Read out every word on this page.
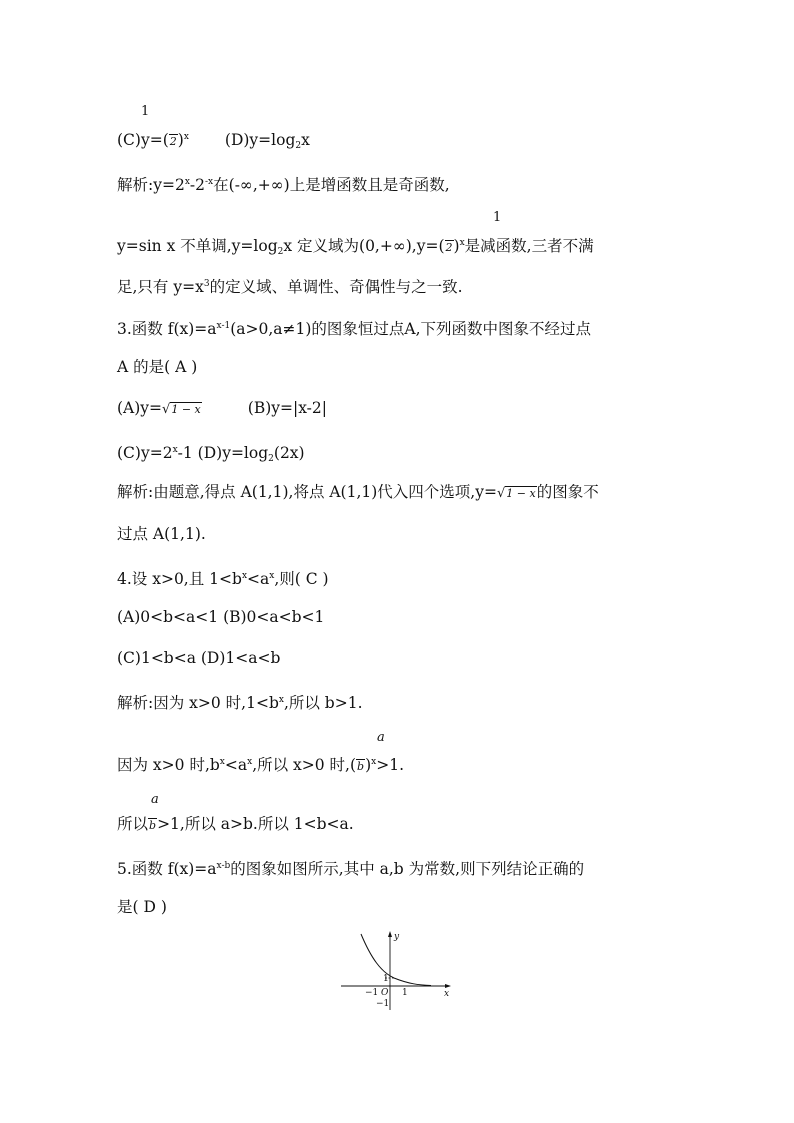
1
$(C)y=(2)^x$ $(D)y=\log_2x$
解析$:y=2^x-2^{-x}$在(-∞,+∞)上是增函数且是奇函数,
1
y=sin x 不单调$,y=\log_2x$ 定义域为$(0,+\infty),y=(2)^x$是减函数,三者不满
足,只有 $y=x^3$的定义域、单调性、奇偶性与之一致.
3.函数 $f(x)=a^{x-1}(a>0,a\ne 1)$的图象恒过点A,下列函数中图象不经过点
A 的是( A )
(A)y=√1 − x	(B)y=|x-2|
$(C)y=2^x-1$ $(D)y=\log_2(2x)$
解析:由题意,得点 A(1,1),将点 A(1,1)代入四个选项,y=√1 − x的图象不
过点 A(1,1).
4.设 x>0,且 $1<b^x<a^x$,则( C )
(A)0<b<a<1 (B)0<a<b<1
(C)1<b<a (D)1<a<b
解析:因为 x>0 时$,1<b^x$,所以 b>1.
a
因为 x>0 时$,b^x<a^x$,所以 x>0 时$,(b)^x>1$.
a
所以b>1,所以 a>b.所以 1<b<a.
5.函数 $f(x)=a^{x-b}$的图象如图所示,其中 a,b 为常数,则下列结论正确的
是( D )
y
x
1
−1 O 1
−1
